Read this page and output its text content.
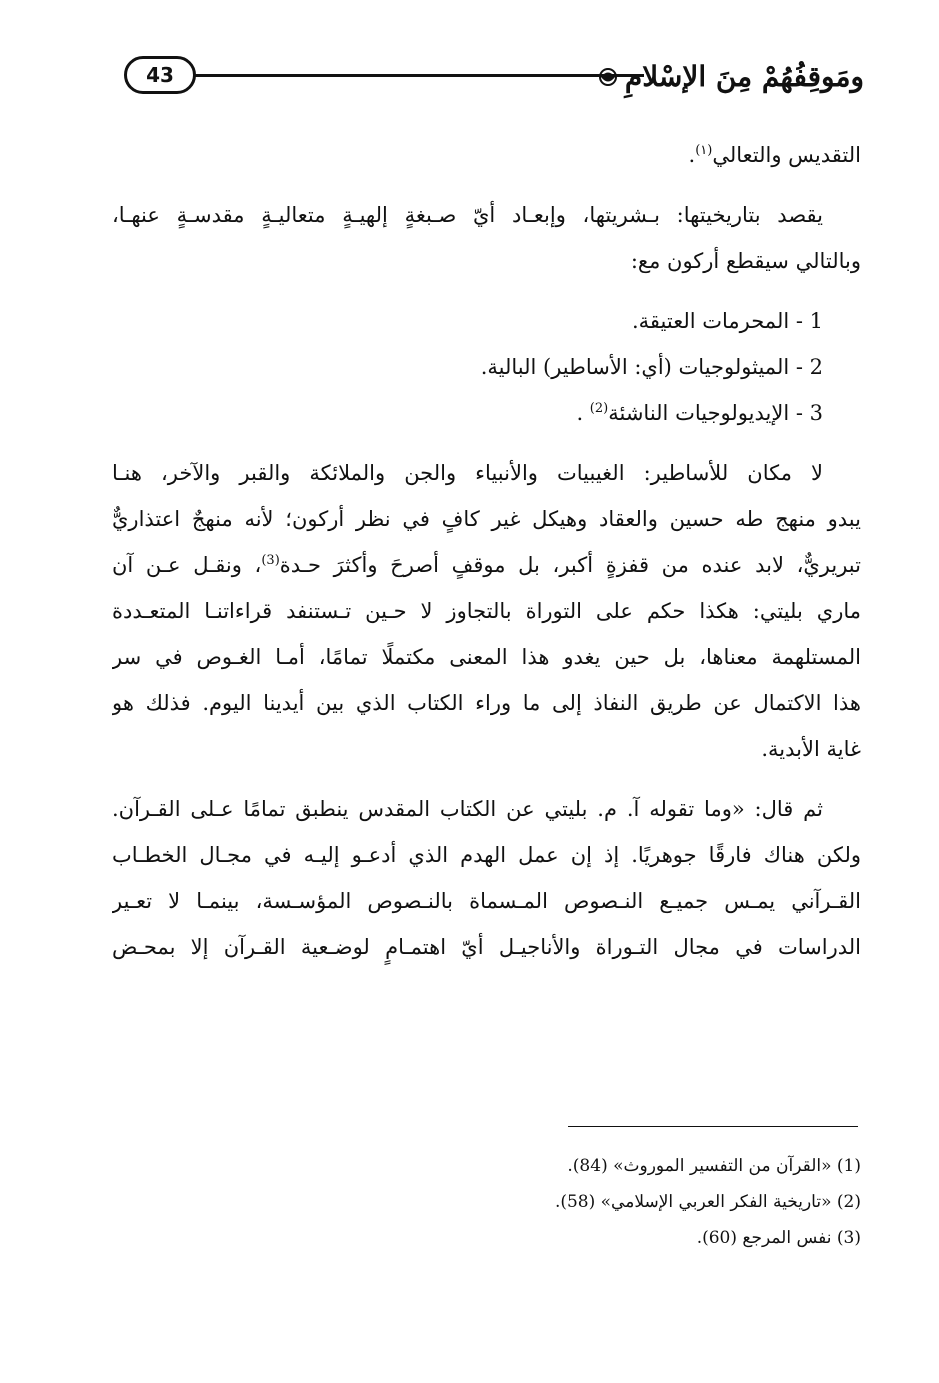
43	ومَوقِفُهُمْ مِنَ الإسْلامِ
التقديس والتعالي$^{(١)}$.
يقصد بتاريخيتها: بـشريتها، وإبعـاد أيّ صـبغةٍ إلهيـةٍ متعاليـةٍ مقدسـةٍ عنهـا،
وبالتالي سيقطع أركون مع:
1 - المحرمات العتيقة.
2 - الميثولوجيات (أي: الأساطير) البالية.
3 - الإيديولوجيات الناشئة$^{(2)}$ .
لا مكان للأساطير: الغيبيات والأنبياء والجن والملائكة والقبر والآخر، هنـا
يبدو منهج طه حسين والعقاد وهيكل غير كافٍ في نظر أركون؛ لأنه منهجٌ اعتذاريٌّ
تبريريٌّ، لابد عنده من قفزةٍ أكبر، بل موقفٍ أصرحَ وأكثرَ حـدة$^{(3)}$، ونقـل عـن آن
ماري بليتي: هكذا حكم على التوراة بالتجاوز لا حـين تـستنفد قراءاتنـا المتعـددة
المستلهمة معناها، بل حين يغدو هذا المعنى مكتملًا تمامًا، أمـا الغـوص في سر
هذا الاكتمال عن طريق النفاذ إلى ما وراء الكتاب الذي بين أيدينا اليوم. فذلك هو
غاية الأبدية.
ثم قال: «وما تقوله آ. م. بليتي عن الكتاب المقدس ينطبق تمامًا عـلى القـرآن.
ولكن هناك فارقًا جوهريًا. إذ إن عمل الهدم الذي أدعـو إليـه في مجـال الخطـاب
القـرآني يمـس جميـع النـصوص المـسماة بالنـصوص المؤسـسة، بينمـا لا تعـير
الدراسات في مجال التـوراة والأناجيـل أيّ اهتمـامٍ لوضـعية القـرآن إلا بمحـض
(1) «القرآن من التفسير الموروث» (84).
(2) «تاريخية الفكر العربي الإسلامي» (58).
(3) نفس المرجع (60).
